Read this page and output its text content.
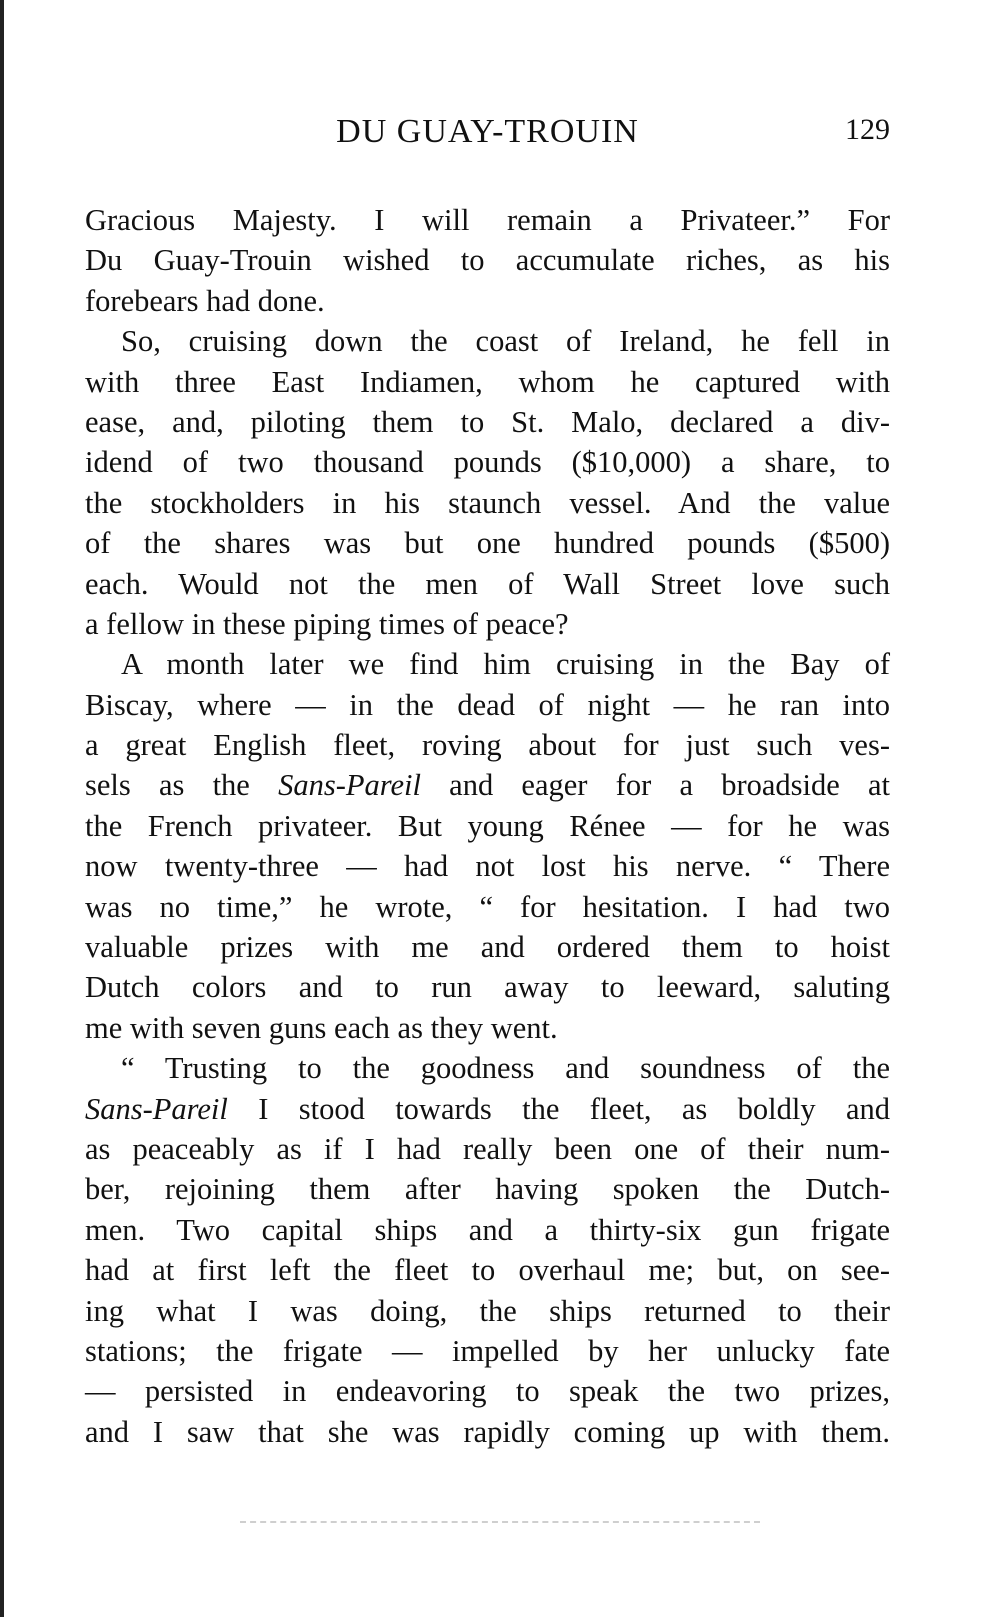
DU GUAY-TROUIN	129
Gracious Majesty. I will remain a Privateer.” For
Du Guay-Trouin wished to accumulate riches, as his
forebears had done.
So, cruising down the coast of Ireland, he fell in
with three East Indiamen, whom he captured with
ease, and, piloting them to St. Malo, declared a div-
idend of two thousand pounds ($10,000) a share, to
the stockholders in his staunch vessel. And the value
of the shares was but one hundred pounds ($500)
each. Would not the men of Wall Street love such
a fellow in these piping times of peace?
A month later we find him cruising in the Bay of
Biscay, where — in the dead of night — he ran into
a great English fleet, roving about for just such ves-
sels as the Sans-Pareil and eager for a broadside at
the French privateer. But young Rénee — for he was
now twenty-three — had not lost his nerve. “ There
was no time,” he wrote, “ for hesitation. I had two
valuable prizes with me and ordered them to hoist
Dutch colors and to run away to leeward, saluting
me with seven guns each as they went.
“ Trusting to the goodness and soundness of the
Sans-Pareil I stood towards the fleet, as boldly and
as peaceably as if I had really been one of their num-
ber, rejoining them after having spoken the Dutch-
men. Two capital ships and a thirty-six gun frigate
had at first left the fleet to overhaul me; but, on see-
ing what I was doing, the ships returned to their
stations; the frigate — impelled by her unlucky fate
— persisted in endeavoring to speak the two prizes,
and I saw that she was rapidly coming up with them.
